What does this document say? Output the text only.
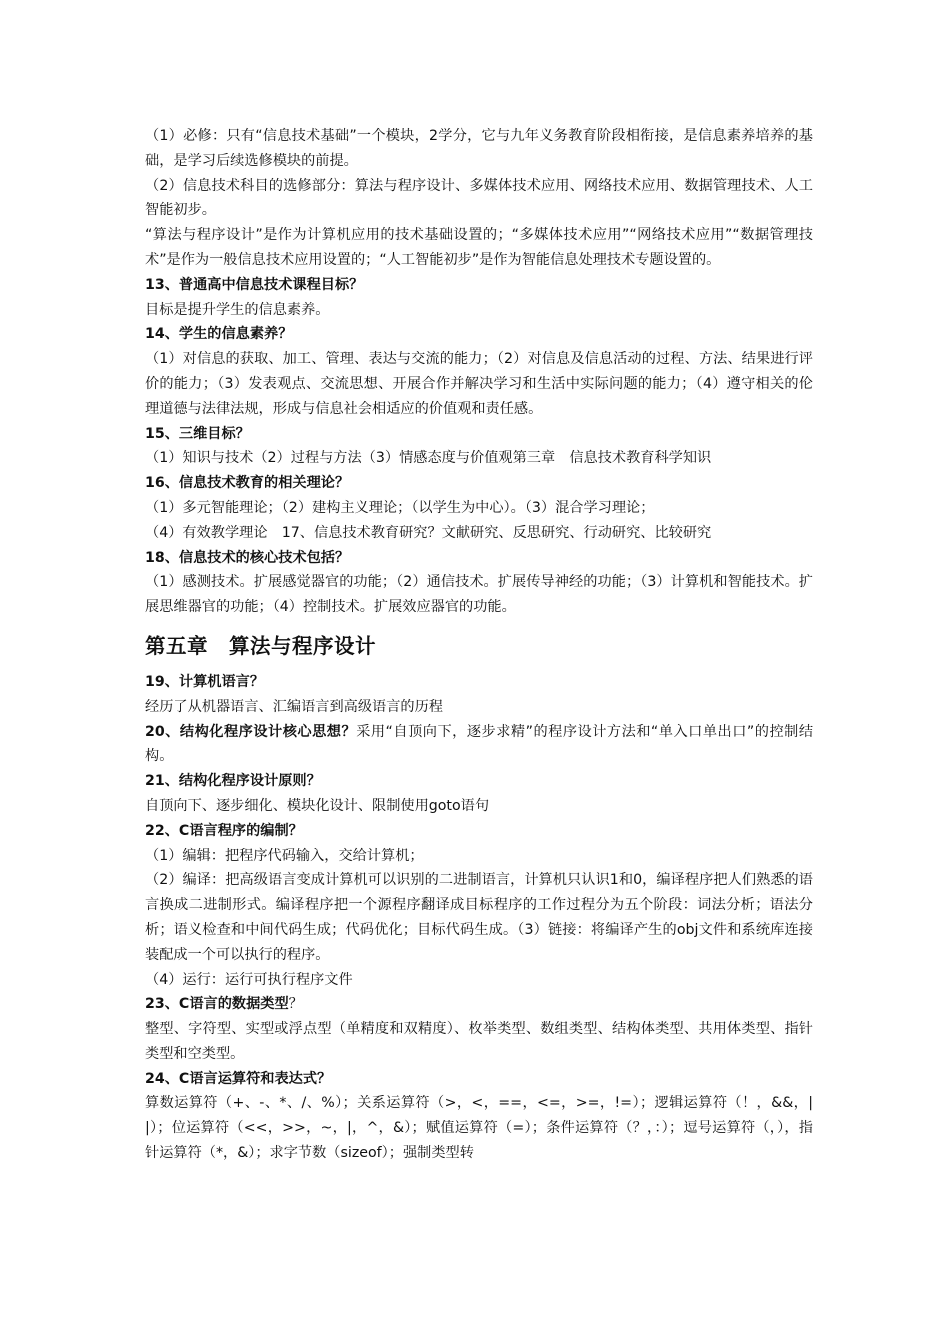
（1）必修：只有“信息技术基础”一个模块，2学分，它与九年义务教育阶段相衔接，是信息素养培养的基础，是学习后续选修模块的前提。

（2）信息技术科目的选修部分：算法与程序设计、多媒体技术应用、网络技术应用、数据管理技术、人工智能初步。

“算法与程序设计”是作为计算机应用的技术基础设置的；“多媒体技术应用”“网络技术应用”“数据管理技术”是作为一般信息技术应用设置的；“人工智能初步”是作为智能信息处理技术专题设置的。

13、普通高中信息技术课程目标？

目标是提升学生的信息素养。

14、学生的信息素养？

（1）对信息的获取、加工、管理、表达与交流的能力；（2）对信息及信息活动的过程、方法、结果进行评价的能力；（3）发表观点、交流思想、开展合作并解决学习和生活中实际问题的能力；（4）遵守相关的伦理道德与法律法规，形成与信息社会相适应的价值观和责任感。

15、三维目标？

（1）知识与技术（2）过程与方法（3）情感态度与价值观第三章　信息技术教育科学知识

16、信息技术教育的相关理论？

（1）多元智能理论；（2）建构主义理论；（以学生为中心）。（3）混合学习理论；

（4）有效教学理论　17、信息技术教育研究？文献研究、反思研究、行动研究、比较研究

18、信息技术的核心技术包括？

（1）感测技术。扩展感觉器官的功能；（2）通信技术。扩展传导神经的功能；（3）计算机和智能技术。扩展思维器官的功能；（4）控制技术。扩展效应器官的功能。

第五章　算法与程序设计

19、计算机语言？

经历了从机器语言、汇编语言到高级语言的历程

20、结构化程序设计核心思想？采用“自顶向下，逐步求精”的程序设计方法和“单入口单出口”的控制结构。

21、结构化程序设计原则？

自顶向下、逐步细化、模块化设计、限制使用goto语句

22、C语言程序的编制？

（1）编辑：把程序代码输入，交给计算机；

（2）编译：把高级语言变成计算机可以识别的二进制语言，计算机只认识1和0，编译程序把人们熟悉的语言换成二进制形式。编译程序把一个源程序翻译成目标程序的工作过程分为五个阶段：词法分析；语法分析；语义检查和中间代码生成；代码优化；目标代码生成。（3）链接：将编译产生的obj文件和系统库连接装配成一个可以执行的程序。

（4）运行：运行可执行程序文件

23、C语言的数据类型？

整型、字符型、实型或浮点型（单精度和双精度）、枚举类型、数组类型、结构体类型、共用体类型、指针类型和空类型。

24、C语言运算符和表达式？

算数运算符（+、-、*、/、%）；关系运算符（>，<，==，<=，>=，!=）；逻辑运算符（！，&&，||）；位运算符（<<，>>，~，|，^，&）；赋值运算符（=）；条件运算符（？，：）；逗号运算符（，），指针运算符（*，&）；求字节数（sizeof）；强制类型转
